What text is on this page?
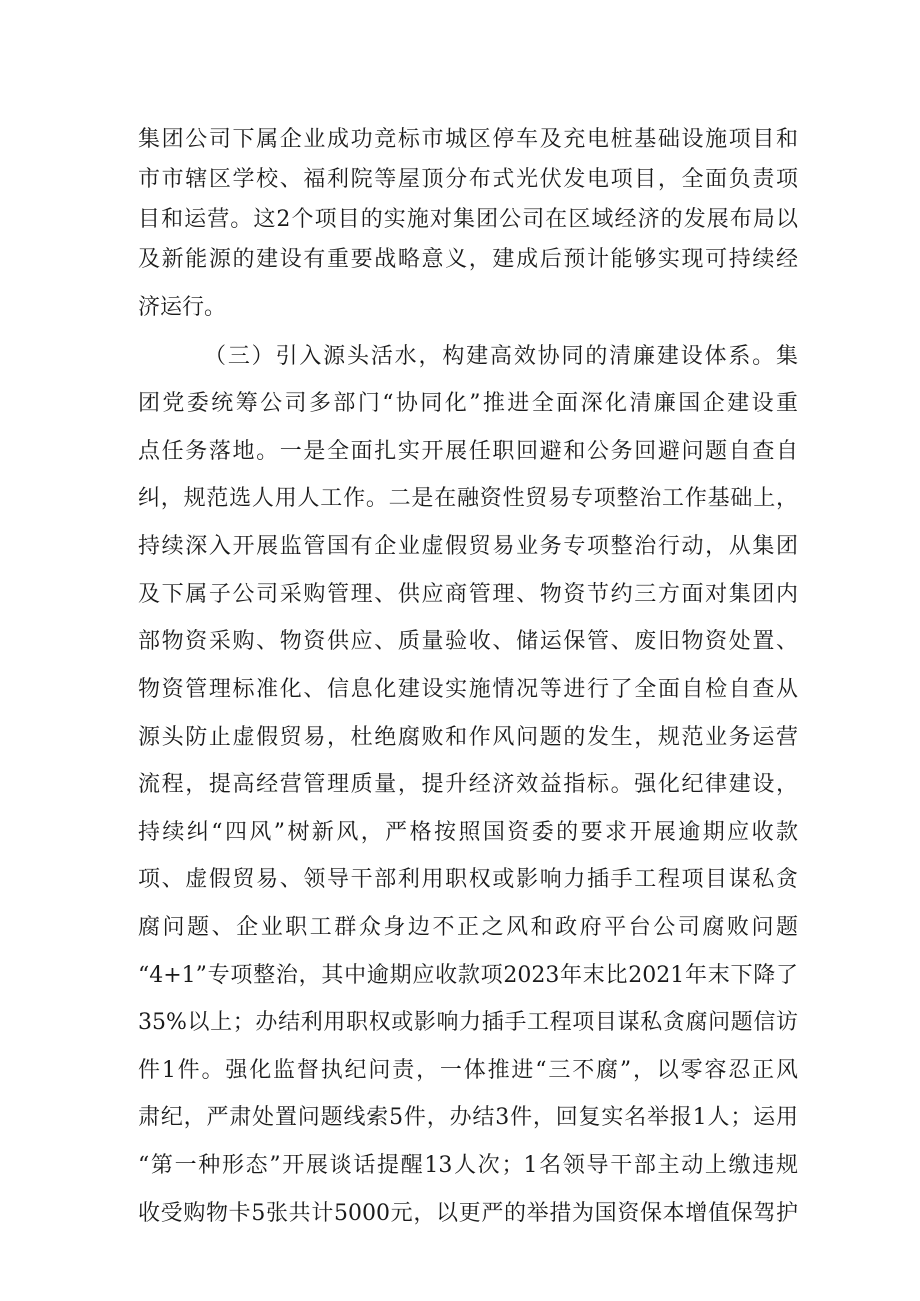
集团公司下属企业成功竞标市城区停车及充电桩基础设施项目和
市市辖区学校、福利院等屋顶分布式光伏发电项目，全面负责项
目和运营。这2个项目的实施对集团公司在区域经济的发展布局以
及新能源的建设有重要战略意义，建成后预计能够实现可持续经
济运行。
（三）引入源头活水，构建高效协同的清廉建设体系。集
团党委统筹公司多部门“协同化”推进全面深化清廉国企建设重
点任务落地。一是全面扎实开展任职回避和公务回避问题自查自
纠，规范选人用人工作。二是在融资性贸易专项整治工作基础上，
持续深入开展监管国有企业虚假贸易业务专项整治行动，从集团
及下属子公司采购管理、供应商管理、物资节约三方面对集团内
部物资采购、物资供应、质量验收、储运保管、废旧物资处置、
物资管理标准化、信息化建设实施情况等进行了全面自检自查从
源头防止虚假贸易，杜绝腐败和作风问题的发生，规范业务运营
流程，提高经营管理质量，提升经济效益指标。强化纪律建设，
持续纠“四风”树新风，严格按照国资委的要求开展逾期应收款
项、虚假贸易、领导干部利用职权或影响力插手工程项目谋私贪
腐问题、企业职工群众身边不正之风和政府平台公司腐败问题
“4+1”专项整治，其中逾期应收款项2023年末比2021年末下降了
35%以上；办结利用职权或影响力插手工程项目谋私贪腐问题信访
件1件。强化监督执纪问责，一体推进“三不腐”，以零容忍正风
肃纪，严肃处置问题线索5件，办结3件，回复实名举报1人；运用
“第一种形态”开展谈话提醒13人次；1名领导干部主动上缴违规
收受购物卡5张共计5000元，以更严的举措为国资保本增值保驾护
